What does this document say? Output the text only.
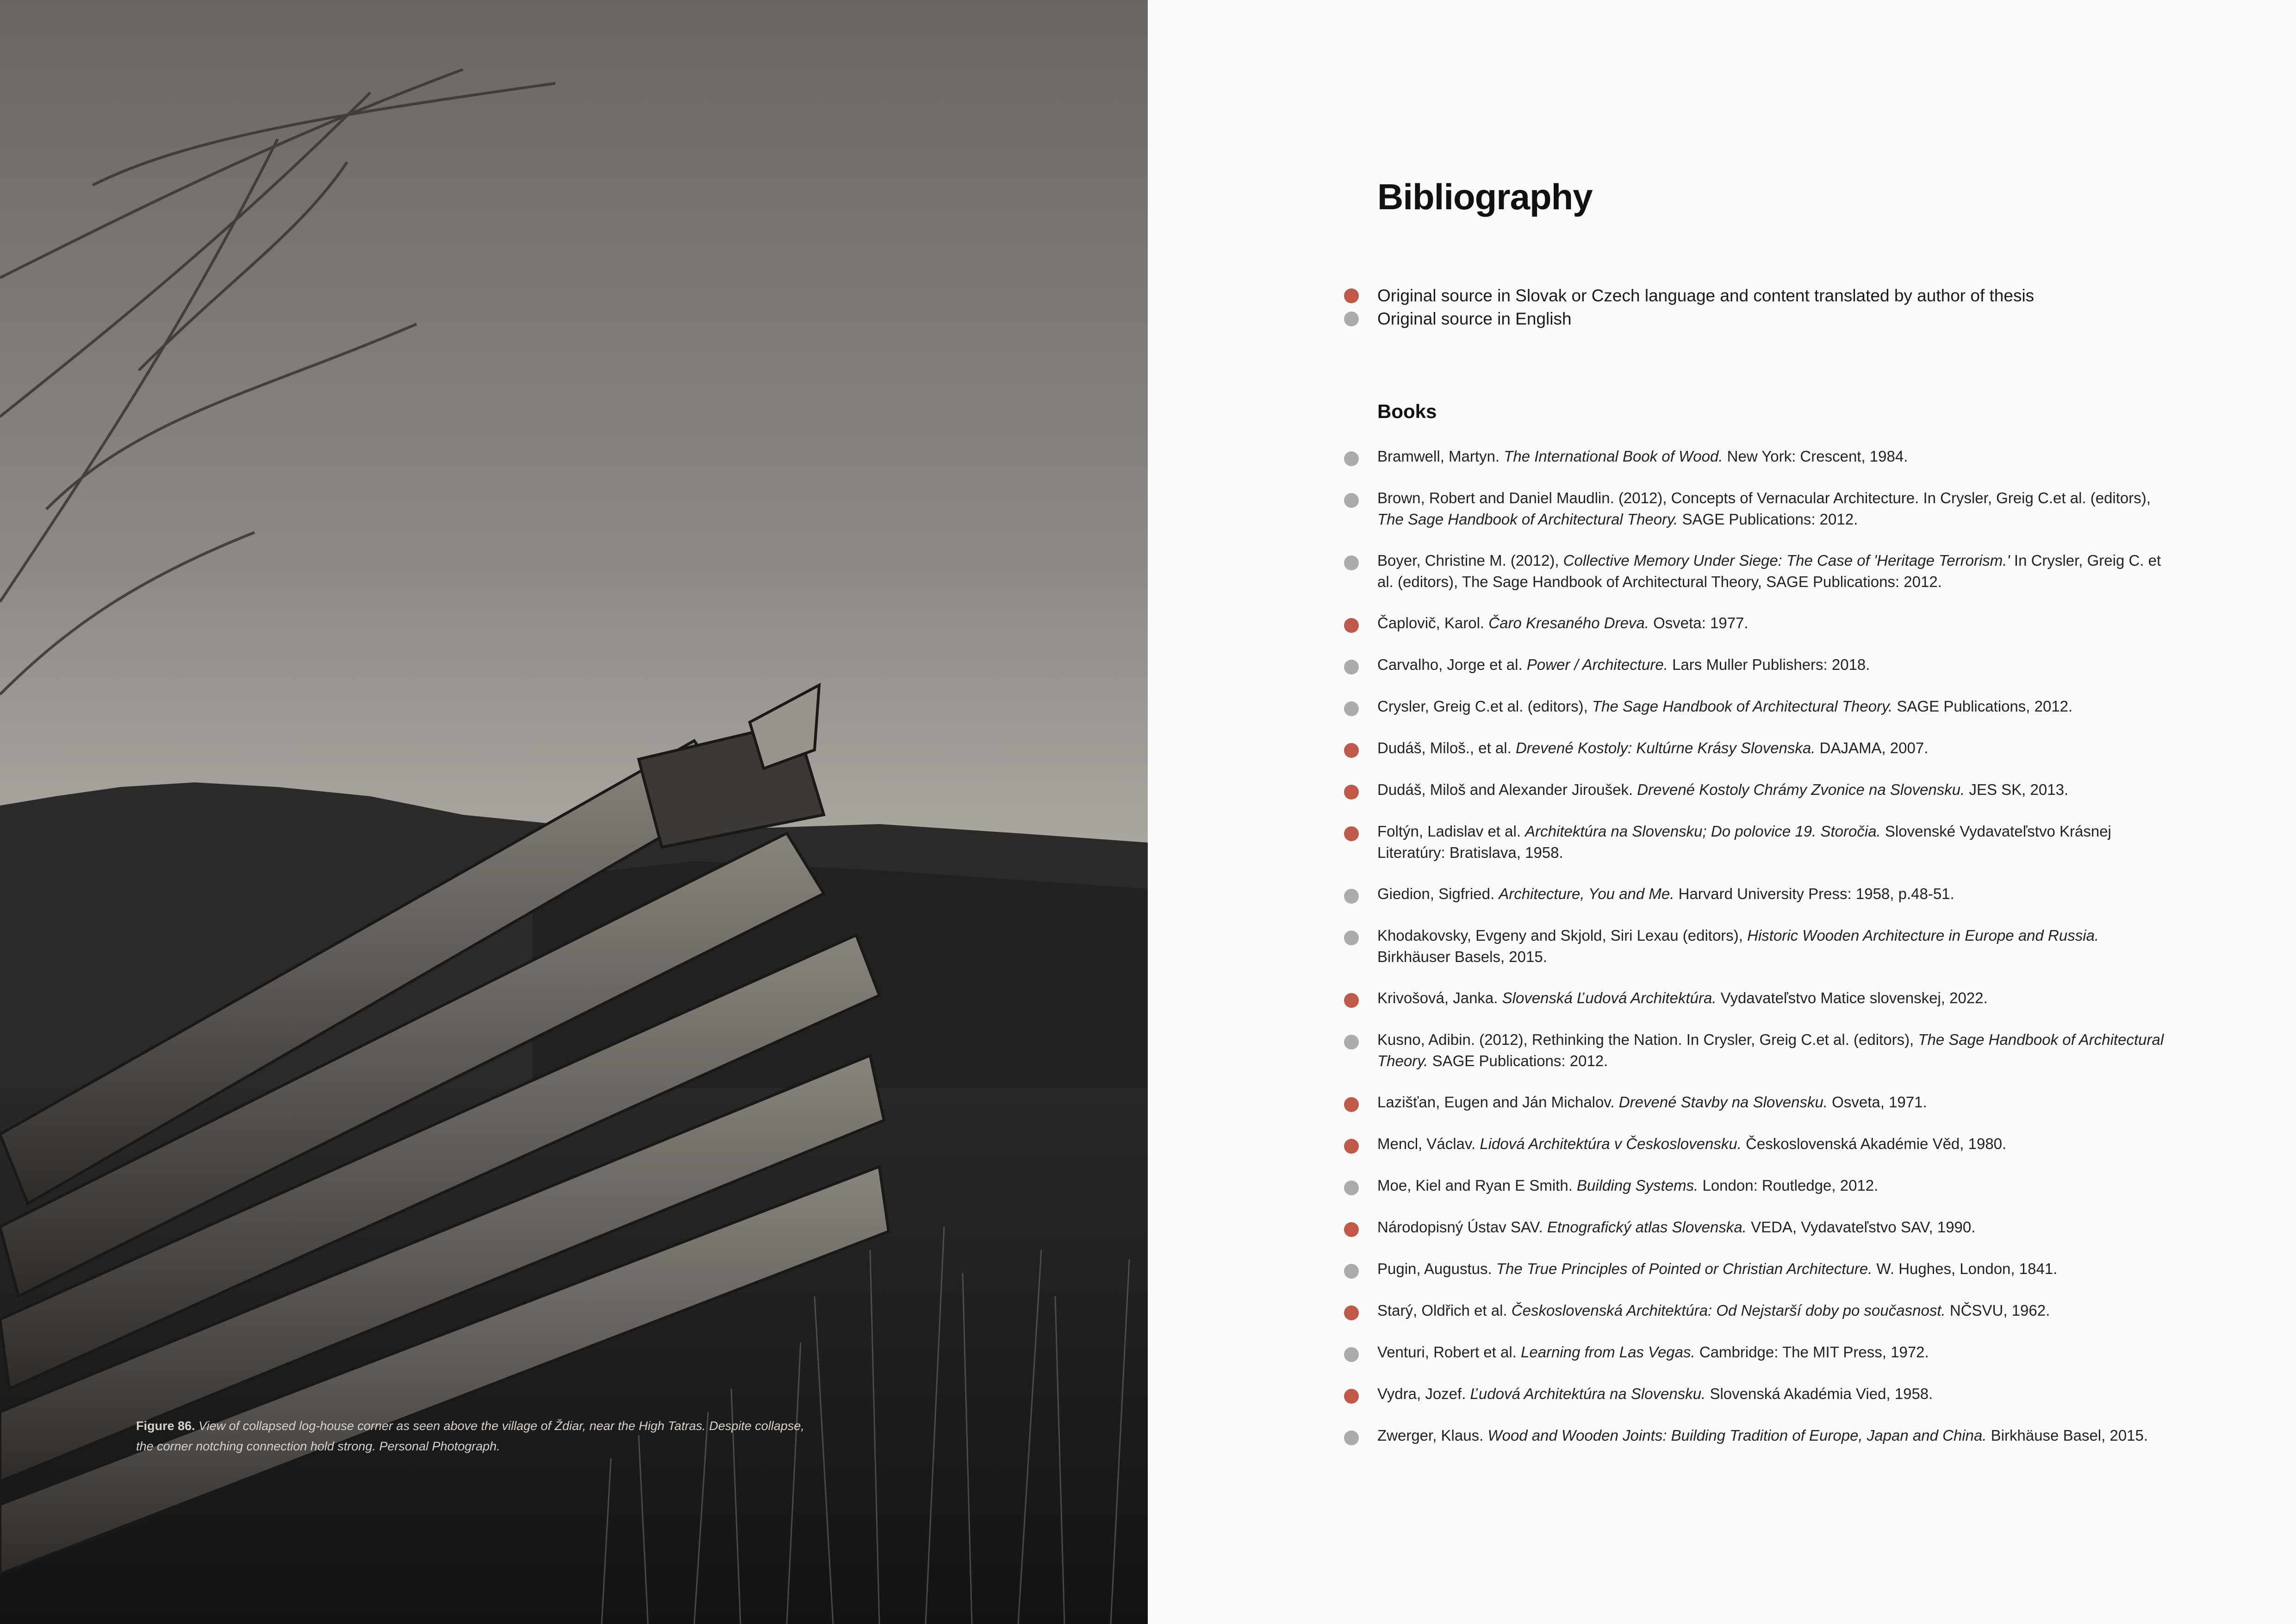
Figure 86. View of collapsed log-house corner as seen above the village of Ždiar, near the High Tatras. Despite collapse, the corner notching connection hold strong. Personal Photograph.
Bibliography
Original source in Slovak or Czech language and content translated by author of thesis
Original source in English
Books
Bramwell, Martyn. The International Book of Wood. New York: Crescent, 1984.
Brown, Robert and Daniel Maudlin. (2012), Concepts of Vernacular Architecture. In Crysler, Greig C.et al. (editors), The Sage Handbook of Architectural Theory. SAGE Publications: 2012.
Boyer, Christine M. (2012), Collective Memory Under Siege: The Case of 'Heritage Terrorism.' In Crysler, Greig C. et al. (editors), The Sage Handbook of Architectural Theory, SAGE Publications: 2012.
Čaplovič, Karol. Čaro Kresaného Dreva. Osveta: 1977.
Carvalho, Jorge et al. Power / Architecture. Lars Muller Publishers: 2018.
Crysler, Greig C.et al. (editors), The Sage Handbook of Architectural Theory. SAGE Publications, 2012.
Dudáš, Miloš., et al. Drevené Kostoly: Kultúrne Krásy Slovenska. DAJAMA, 2007.
Dudáš, Miloš and Alexander Jiroušek. Drevené Kostoly Chrámy Zvonice na Slovensku. JES SK, 2013.
Foltýn, Ladislav et al. Architektúra na Slovensku; Do polovice 19. Storočia. Slovenské Vydavateľstvo Krásnej Literatúry: Bratislava, 1958.
Giedion, Sigfried. Architecture, You and Me. Harvard University Press: 1958, p.48-51.
Khodakovsky, Evgeny and Skjold, Siri Lexau (editors), Historic Wooden Architecture in Europe and Russia. Birkhäuser Basels, 2015.
Krivošová, Janka. Slovenská Ľudová Architektúra. Vydavateľstvo Matice slovenskej, 2022.
Kusno, Adibin. (2012), Rethinking the Nation. In Crysler, Greig C.et al. (editors), The Sage Handbook of Architectural Theory. SAGE Publications: 2012.
Lazišťan, Eugen and Ján Michalov. Drevené Stavby na Slovensku. Osveta, 1971.
Mencl, Václav. Lidová Architektúra v Československu. Československá Akadémie Věd, 1980.
Moe, Kiel and Ryan E Smith. Building Systems. London: Routledge, 2012.
Národopisný Ústav SAV. Etnografický atlas Slovenska. VEDA, Vydavateľstvo SAV, 1990.
Pugin, Augustus. The True Principles of Pointed or Christian Architecture. W. Hughes, London, 1841.
Starý, Oldřich et al. Československá Architektúra: Od Nejstarší doby po současnost. NČSVU, 1962.
Venturi, Robert et al. Learning from Las Vegas. Cambridge: The MIT Press, 1972.
Vydra, Jozef. Ľudová Architektúra na Slovensku. Slovenská Akadémia Vied, 1958.
Zwerger, Klaus. Wood and Wooden Joints: Building Tradition of Europe, Japan and China. Birkhäuse Basel, 2015.
